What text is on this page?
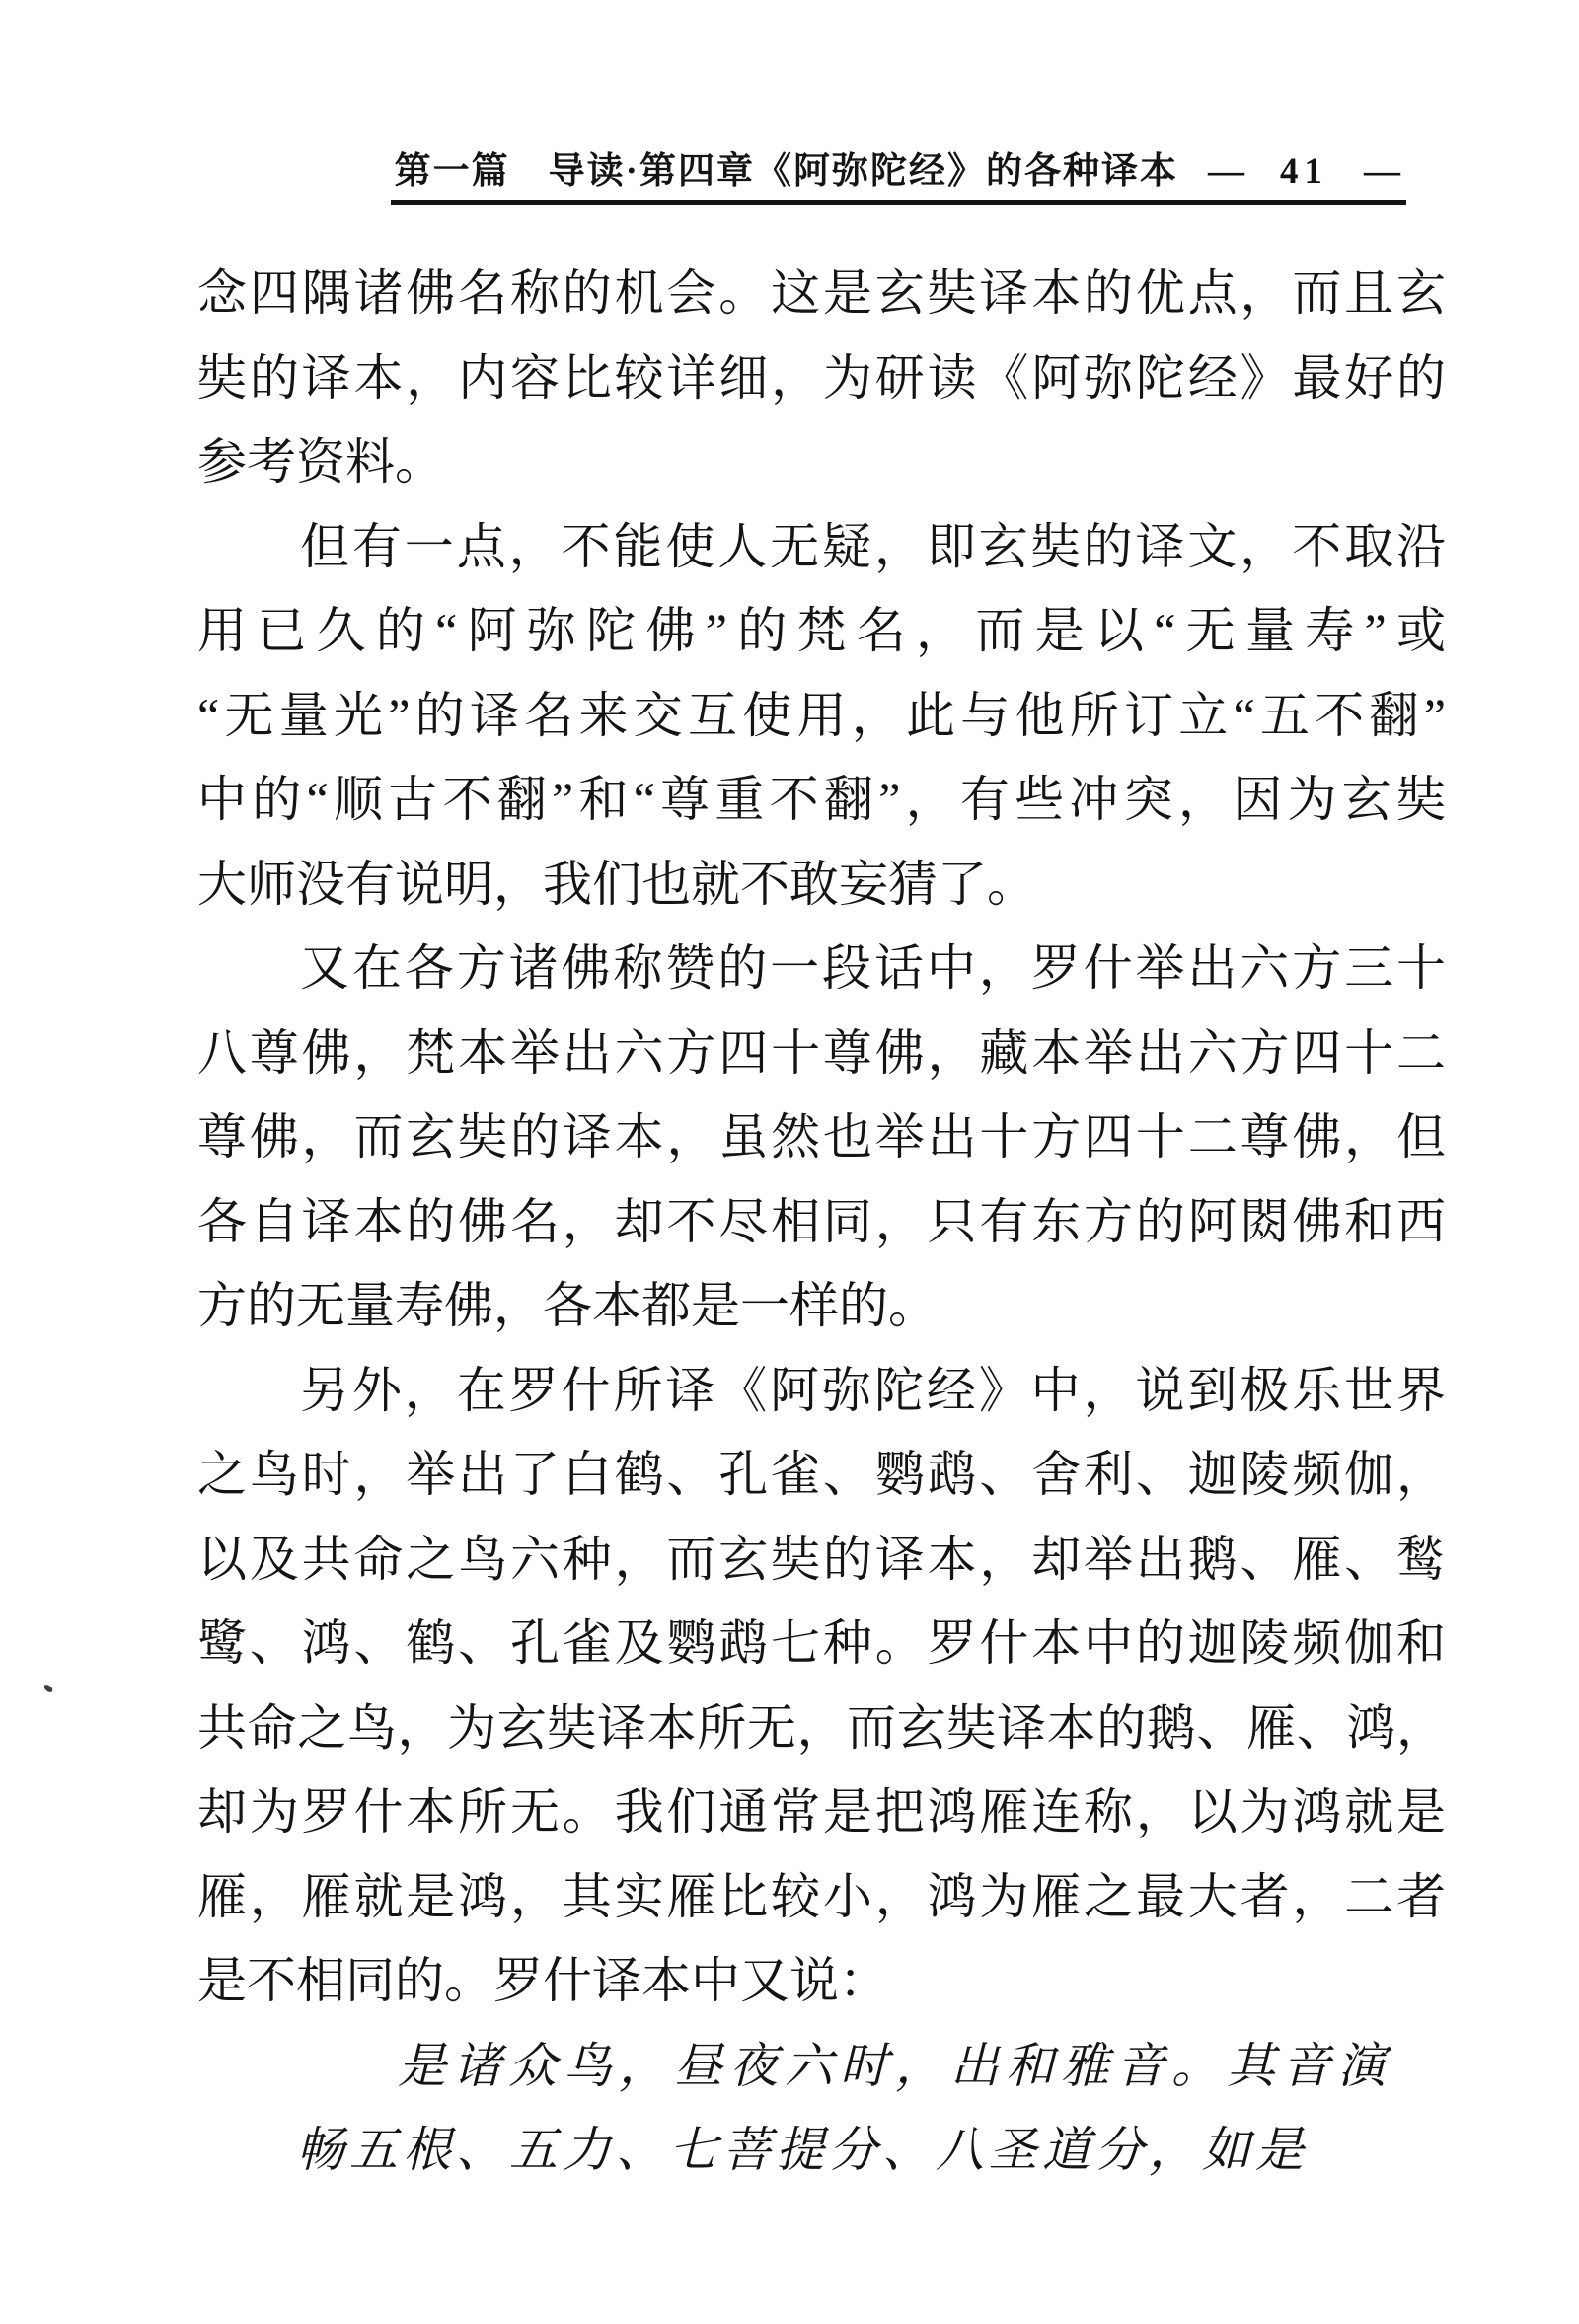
第一篇　导读·第四章《阿弥陀经》的各种译本 — 41 —
念四隅诸佛名称的机会。这是玄奘译本的优点，而且玄
奘的译本，内容比较详细，为研读《阿弥陀经》最好的
参考资料。
但有一点，不能使人无疑，即玄奘的译文，不取沿
用已久的“阿弥陀佛”的梵名，而是以“无量寿”或
“无量光”的译名来交互使用，此与他所订立“五不翻”
中的“顺古不翻”和“尊重不翻”，有些冲突，因为玄奘
大师没有说明，我们也就不敢妄猜了。
又在各方诸佛称赞的一段话中，罗什举出六方三十
八尊佛，梵本举出六方四十尊佛，藏本举出六方四十二
尊佛，而玄奘的译本，虽然也举出十方四十二尊佛，但
各自译本的佛名，却不尽相同，只有东方的阿閦佛和西
方的无量寿佛，各本都是一样的。
另外，在罗什所译《阿弥陀经》中，说到极乐世界
之鸟时，举出了白鹤、孔雀、鹦鹉、舍利、迦陵频伽，
以及共命之鸟六种，而玄奘的译本，却举出鹅、雁、鹙
鹭、鸿、鹤、孔雀及鹦鹉七种。罗什本中的迦陵频伽和
共命之鸟，为玄奘译本所无，而玄奘译本的鹅、雁、鸿，
却为罗什本所无。我们通常是把鸿雁连称，以为鸿就是
雁，雁就是鸿，其实雁比较小，鸿为雁之最大者，二者
是不相同的。罗什译本中又说：
是诸众鸟，昼夜六时，出和雅音。其音演
畅五根、五力、七菩提分、八圣道分，如是
